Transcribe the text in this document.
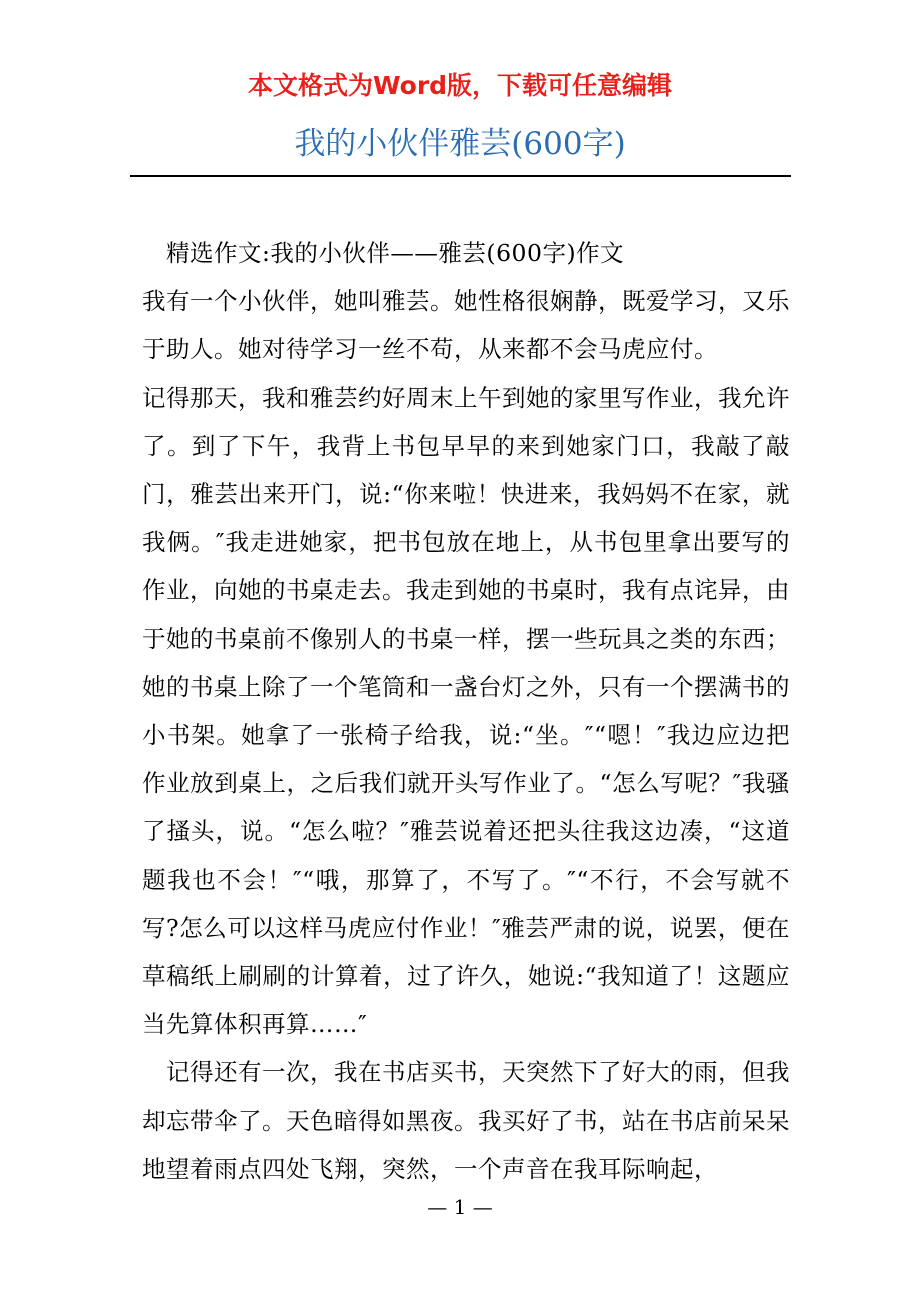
本文格式为Word版，下载可任意编辑
我的小伙伴雅芸(600字)

精选作文:我的小伙伴——雅芸(600字)作文

我有一个小伙伴，她叫雅芸。她性格很娴静，既爱学习，又乐于助人。她对待学习一丝不苟，从来都不会马虎应付。

记得那天，我和雅芸约好周末上午到她的家里写作业，我允许了。到了下午，我背上书包早早的来到她家门口，我敲了敲门，雅芸出来开门，说:“你来啦！快进来，我妈妈不在家，就我俩。″我走进她家，把书包放在地上，从书包里拿出要写的作业，向她的书桌走去。我走到她的书桌时，我有点诧异，由于她的书桌前不像别人的书桌一样，摆一些玩具之类的东西；她的书桌上除了一个笔筒和一盏台灯之外，只有一个摆满书的小书架。她拿了一张椅子给我，说:“坐。″“嗯！″我边应边把作业放到桌上，之后我们就开头写作业了。“怎么写呢？″我骚了搔头，说。“怎么啦？″雅芸说着还把头往我这边凑，“这道题我也不会！″“哦，那算了，不写了。″“不行，不会写就不写?怎么可以这样马虎应付作业！″雅芸严肃的说，说罢，便在草稿纸上刷刷的计算着，过了许久，她说:“我知道了！这题应当先算体积再算……″

记得还有一次，我在书店买书，天突然下了好大的雨，但我却忘带伞了。天色暗得如黑夜。我买好了书，站在书店前呆呆地望着雨点四处飞翔，突然，一个声音在我耳际响起，

— 1 —
